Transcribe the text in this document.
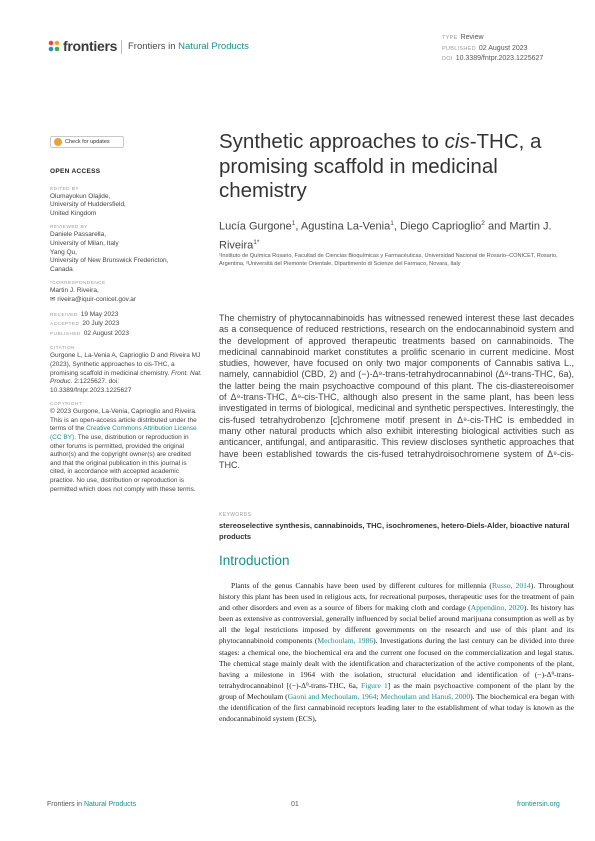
frontiers Frontiers in Natural Products
TYPE Review
PUBLISHED 02 August 2023
DOI 10.3389/fntpr.2023.1225627
Check for updates
OPEN ACCESS
EDITED BY
Olumayokun Olajide,
University of Huddersfield,
United Kingdom
REVIEWED BY
Daniele Passarella,
University of Milan, Italy
Yang Qu,
University of New Brunswick Fredericton,
Canada
*CORRESPONDENCE
Martin J. Riveira,
✉ riveira@iquir-conicet.gov.ar
RECEIVED 19 May 2023
ACCEPTED 20 July 2023
PUBLISHED 02 August 2023
CITATION
Gurgone L, La-Venia A, Caprioglio D and Riveira MJ (2023), Synthetic approaches to cis-THC, a promising scaffold in medicinal chemistry. Front. Nat. Produc. 2:1225627. doi: 10.3389/fntpr.2023.1225627
COPYRIGHT
© 2023 Gurgone, La-Venia, Caprioglio and Riveira. This is an open-access article distributed under the terms of the Creative Commons Attribution License (CC BY). The use, distribution or reproduction in other forums is permitted, provided the original author(s) and the copyright owner(s) are credited and that the original publication in this journal is cited, in accordance with accepted academic practice. No use, distribution or reproduction is permitted which does not comply with these terms.
Synthetic approaches to cis-THC, a promising scaffold in medicinal chemistry
Lucía Gurgone$^1$, Agustina La-Venia$^1$, Diego Caprioglio$^2$ and Martin J. Riveira$^{1*}$
¹Instituto de Química Rosario, Facultad de Ciencias Bioquímicas y Farmacéuticas, Universidad Nacional de Rosario–CONICET, Rosario, Argentina, ²Università del Piemonte Orientale, Dipartimento di Scienze del Farmaco, Novara, Italy
The chemistry of phytocannabinoids has witnessed renewed interest these last decades as a consequence of reduced restrictions, research on the endocannabinoid system and the development of approved therapeutic treatments based on cannabinoids. The medicinal cannabinoid market constitutes a prolific scenario in current medicine. Most studies, however, have focused on only two major components of Cannabis sativa L., namely, cannabidiol (CBD, 2) and (−)-Δ⁹-trans-tetrahydrocannabinol (Δ⁹-trans-THC, 6a), the latter being the main psychoactive compound of this plant. The cis-diastereoisomer of Δ⁹-trans-THC, Δ⁹-cis-THC, although also present in the same plant, has been less investigated in terms of biological, medicinal and synthetic perspectives. Interestingly, the cis-fused tetrahydrobenzo [c]chromene motif present in Δ⁹-cis-THC is embedded in many other natural products which also exhibit interesting biological activities such as anticancer, antifungal, and antiparasitic. This review discloses synthetic approaches that have been established towards the cis-fused tetrahydroisochromene system of Δ⁹-cis-THC.
KEYWORDS
stereoselective synthesis, cannabinoids, THC, isochromenes, hetero-Diels-Alder, bioactive natural products
Introduction
Plants of the genus Cannabis have been used by different cultures for millennia (Russo, 2014). Throughout history this plant has been used in religious acts, for recreational purposes, therapeutic uses for the treatment of pain and other disorders and even as a source of fibers for making cloth and cordage (Appendino, 2020). Its history has been as extensive as controversial, generally influenced by social belief around marijuana consumption as well as by all the legal restrictions imposed by different governments on the research and use of this plant and its phytocannabinoid components (Mechoulam, 1986). Investigations during the last century can be divided into three stages: a chemical one, the biochemical era and the current one focused on the commercialization and legal status. The chemical stage mainly dealt with the identification and characterization of the active components of the plant, having a milestone in 1964 with the isolation, structural elucidation and identification of (−)-Δ⁹-trans-tetrahydrocannabinol [(−)-Δ⁹-trans-THC, 6a, Figure 1] as the main psychoactive component of the plant by the group of Mechoulam (Gaoni and Mechoulam, 1964; Mechoulam and Hanuš, 2000). The biochemical era began with the identification of the first cannabinoid receptors leading later to the establishment of what today is known as the endocannabinoid system (ECS),
Frontiers in Natural Products	01	frontiersin.org
